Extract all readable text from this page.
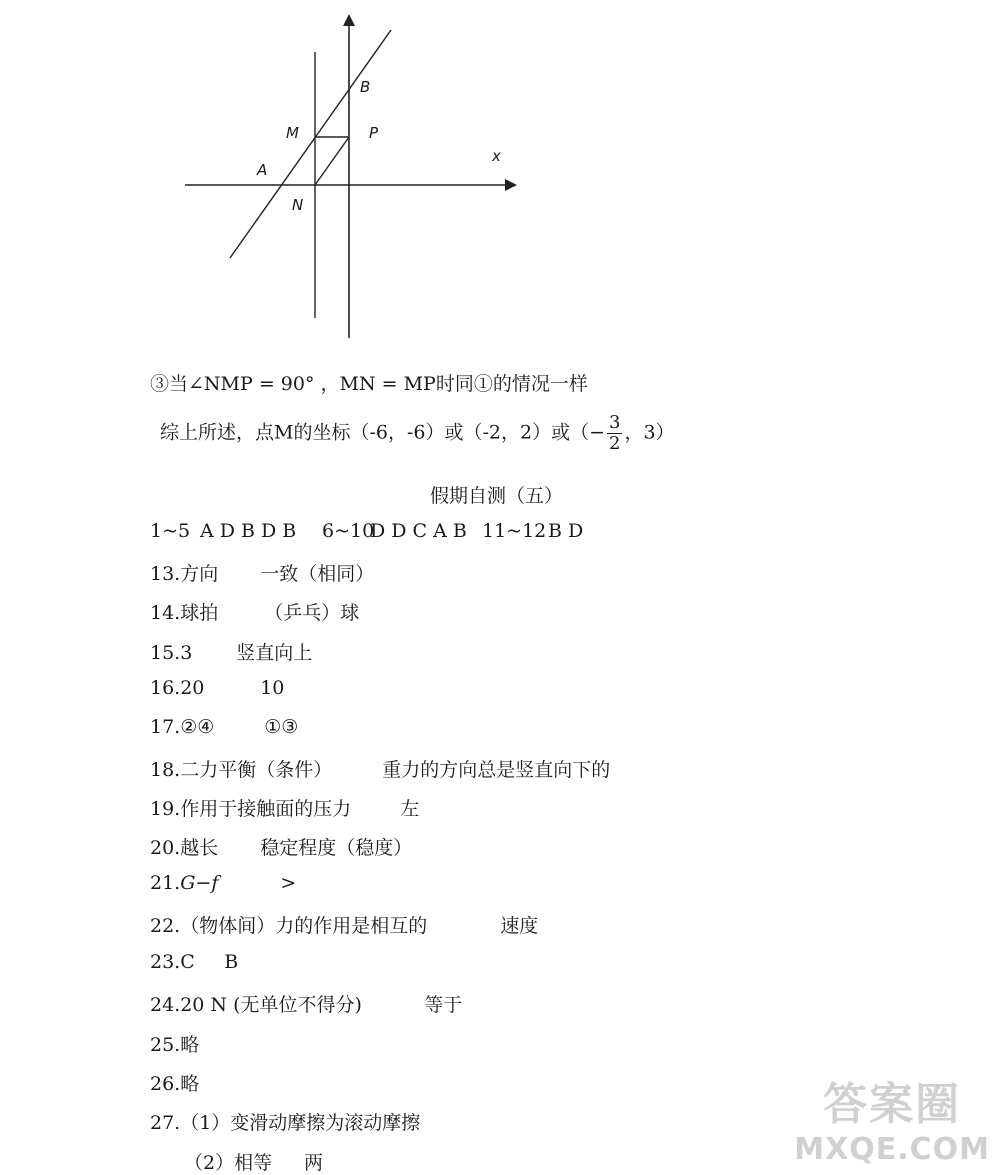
B
M	P
x
A
N
③当∠NMP = 90° ，MN = MP时同①的情况一样
综上所述，点M的坐标（-6，-6）或（-2，2）或（− $\frac{3}{2}$ ，3）
假期自测（五）
1~5 A D B D B 6~10D D C A B 11~12B D
13.方向 一致（相同）
14.球拍 （乒乓）球
15.3 竖直向上
16.20	10
17.②④	①③
18.二力平衡（条件）	重力的方向总是竖直向下的
19.作用于接触面的压力	左
20.越长 稳定程度（稳度）
21.G−f	>
22.（物体间）力的作用是相互的	速度
23.C B
24.20 N (无单位不得分)	等于
25.略
26.略
27.（1）变滑动摩擦为滚动摩擦
（2）相等 两
答案圈
MXQE.COM
